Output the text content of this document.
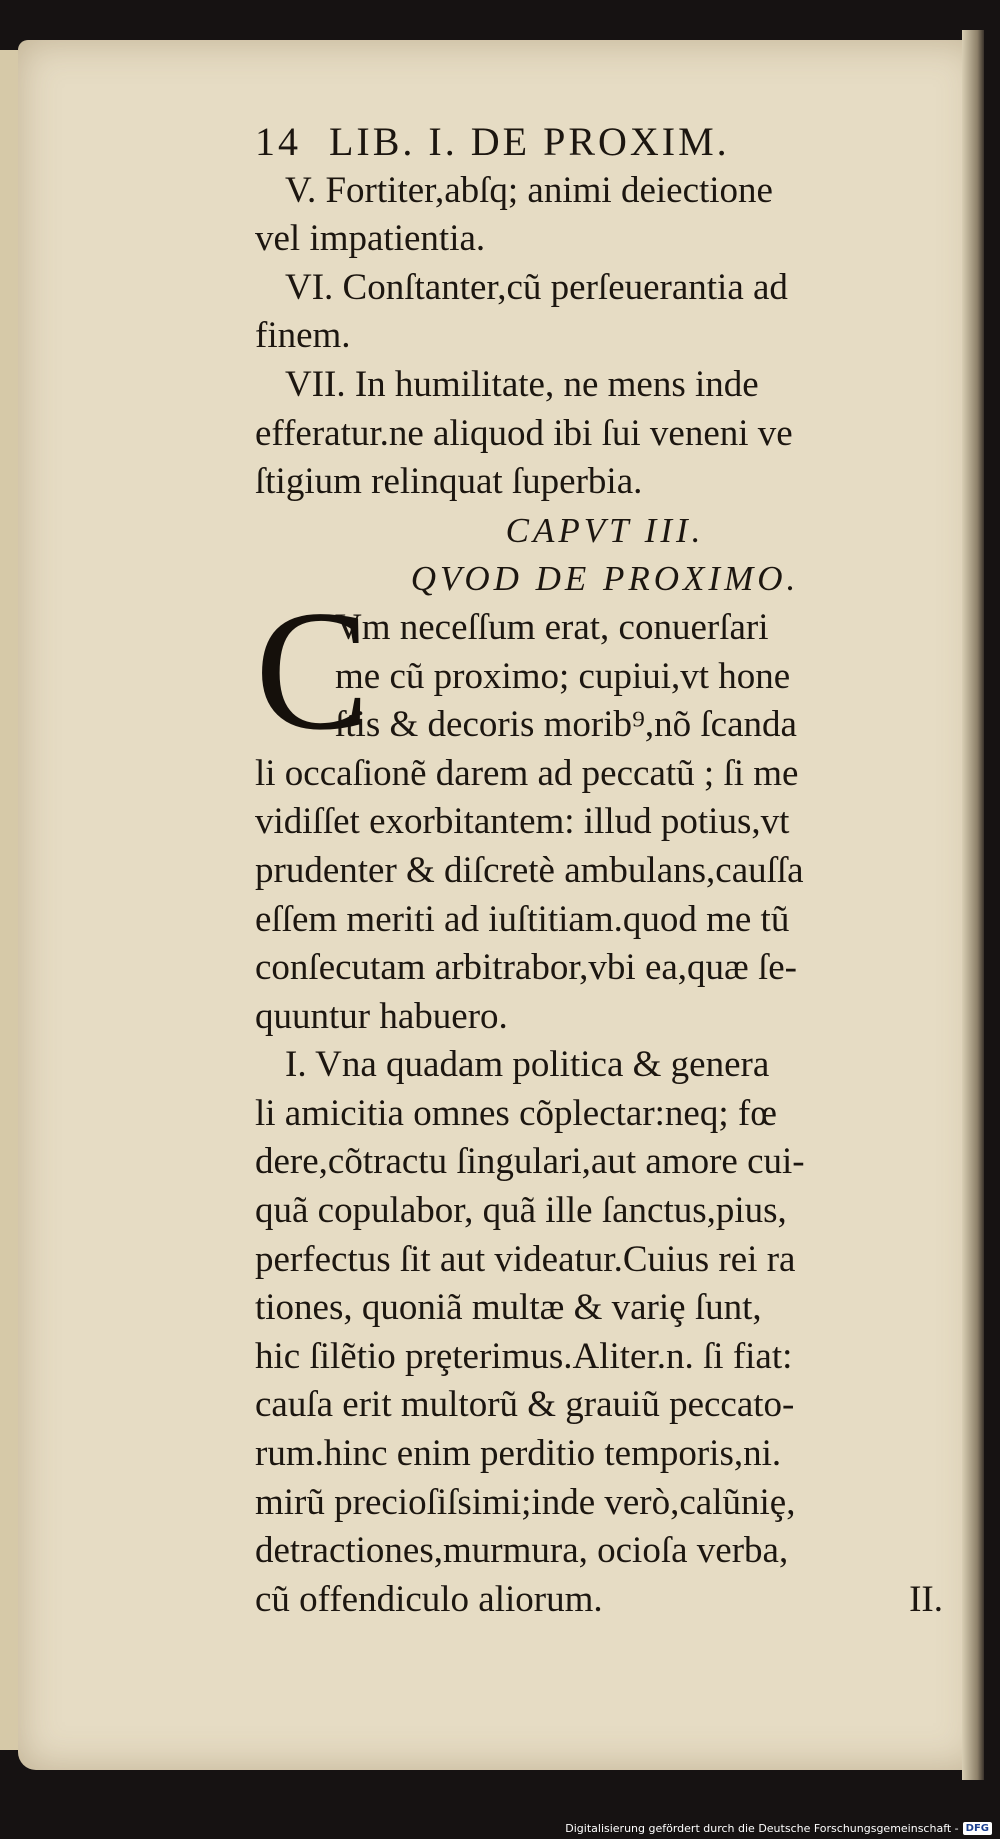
14 LIB. I. DE PROXIM.
V. Fortiter,abſq; animi deiectione
vel impatientia.
VI. Conſtanter,cũ perſeuerantia ad
finem.
VII. In humilitate, ne mens inde
efferatur.ne aliquod ibi ſui veneni ve
ſtigium relinquat ſuperbia.
CAPVT III.
QVOD DE PROXIMO.
C
Vm neceſſum erat, conuerſari
me cũ proximo; cupiui,vt hone
ſtis & decoris morib⁹,nõ ſcanda
li occaſionẽ darem ad peccatũ ; ſi me
vidiſſet exorbitantem: illud potius,vt
prudenter & diſcretè ambulans,cauſſa
eſſem meriti ad iuſtitiam.quod me tũ
conſecutam arbitrabor,vbi ea,quæ ſe-
quuntur habuero.
I. Vna quadam politica & genera
li amicitia omnes cõplectar:neq; fœ
dere,cõtractu ſingulari,aut amore cui-
quã copulabor, quã ille ſanctus,pius,
perfectus ſit aut videatur.Cuius rei ra
tiones, quoniã multæ & variȩ ſunt,
hic ſilẽtio prȩterimus.Aliter.n. ſi fiat:
cauſa erit multorũ & grauiũ peccato-
rum.hinc enim perditio temporis,ni.
mirũ precioſiſsimi;inde verò,calũniȩ,
detractiones,murmura, ocioſa verba,
cũ offendiculo aliorum.	II.
Digitalisierung gefördert durch die Deutsche Forschungsgemeinschaft - DFG
